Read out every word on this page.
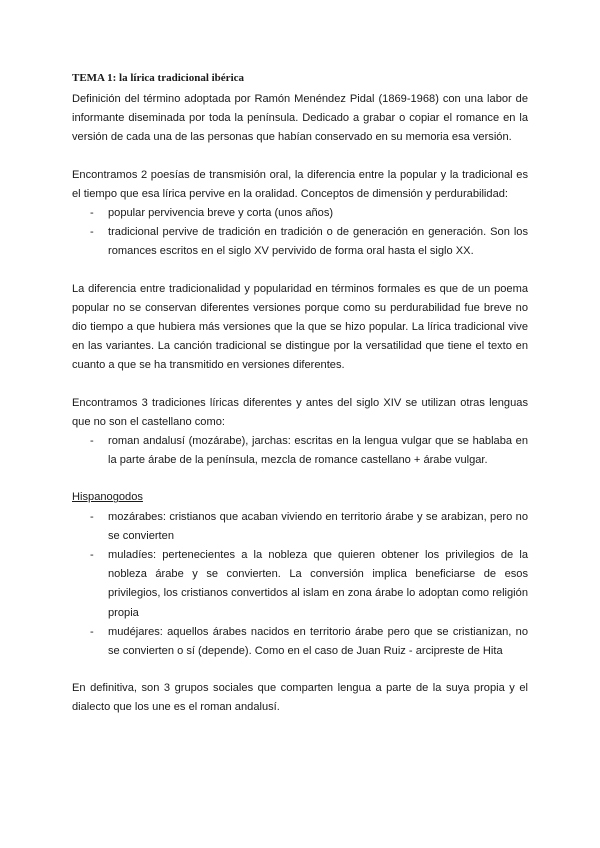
TEMA 1: la lírica tradicional ibérica

Definición del término adoptada por Ramón Menéndez Pidal (1869-1968) con una labor de informante diseminada por toda la península. Dedicado a grabar o copiar el romance en la versión de cada una de las personas que habían conservado en su memoria esa versión.

Encontramos 2 poesías de transmisión oral, la diferencia entre la popular y la tradicional es el tiempo que esa lírica pervive en la oralidad. Conceptos de dimensión y perdurabilidad:

- popular pervivencia breve y corta (unos años)
- tradicional pervive de tradición en tradición o de generación en generación. Son los romances escritos en el siglo XV pervivido de forma oral hasta el siglo XX.

La diferencia entre tradicionalidad y popularidad en términos formales es que de un poema popular no se conservan diferentes versiones porque como su perdurabilidad fue breve no dio tiempo a que hubiera más versiones que la que se hizo popular. La lírica tradicional vive en las variantes. La canción tradicional se distingue por la versatilidad que tiene el texto en cuanto a que se ha transmitido en versiones diferentes.

Encontramos 3 tradiciones líricas diferentes y antes del siglo XIV se utilizan otras lenguas que no son el castellano como:

- roman andalusí (mozárabe), jarchas: escritas en la lengua vulgar que se hablaba en la parte árabe de la península, mezcla de romance castellano + árabe vulgar.

Hispanogodos

- mozárabes: cristianos que acaban viviendo en territorio árabe y se arabizan, pero no se convierten
- muladíes: pertenecientes a la nobleza que quieren obtener los privilegios de la nobleza árabe y se convierten. La conversión implica beneficiarse de esos privilegios, los cristianos convertidos al islam en zona árabe lo adoptan como religión propia
- mudéjares: aquellos árabes nacidos en territorio árabe pero que se cristianizan, no se convierten o sí (depende). Como en el caso de Juan Ruiz - arcipreste de Hita

En definitiva, son 3 grupos sociales que comparten lengua a parte de la suya propia y el dialecto que los une es el roman andalusí.
